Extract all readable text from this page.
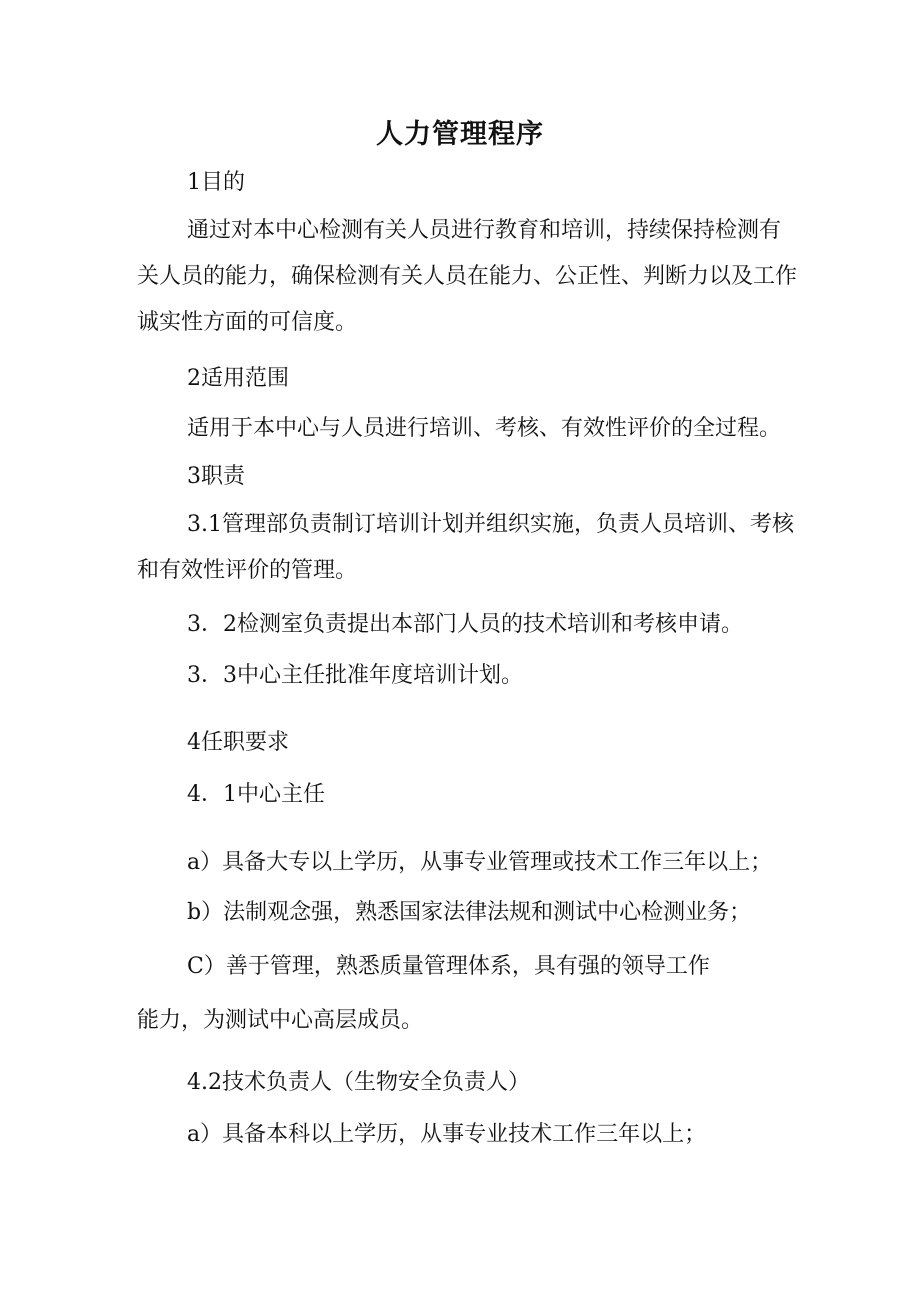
人力管理程序
1目的

通过对本中心检测有关人员进行教育和培训，持续保持检测有关人员的能力，确保检测有关人员在能力、公正性、判断力以及工作诚实性方面的可信度。

2适用范围
适用于本中心与人员进行培训、考核、有效性评价的全过程。
3职责

3.1管理部负责制订培训计划并组织实施，负责人员培训、考核和有效性评价的管理。

3．2检测室负责提出本部门人员的技术培训和考核申请。
3．3中心主任批准年度培训计划。
4任职要求
4．1中心主任
a）具备大专以上学历，从事专业管理或技术工作三年以上；
b）法制观念强，熟悉国家法律法规和测试中心检测业务；
C）善于管理，熟悉质量管理体系，具有强的领导工作
能力，为测试中心高层成员。
4.2技术负责人（生物安全负责人）
a）具备本科以上学历，从事专业技术工作三年以上；
